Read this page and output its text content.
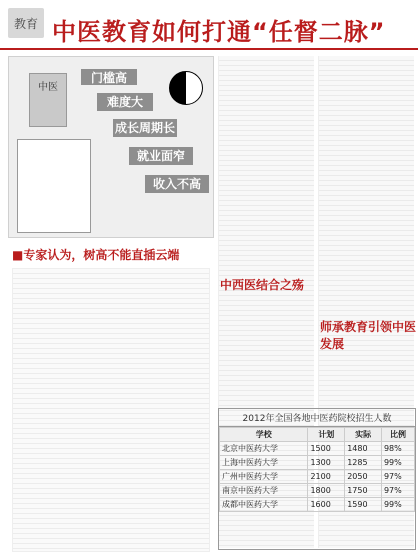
教育 中医教育如何打通“任督二脉”
中医
门槛高
难度大
成长周期长
就业面窄
收入不高
■专家认为，树高不能直插云端
中西医结合之殇
师承教育引领中医发展
2012年全国各地中医药院校招生人数
学校	计划	实际	比例
北京中医药大学	1500	1480	98%
上海中医药大学	1300	1285	99%
广州中医药大学	2100	2050	97%
南京中医药大学	1800	1750	97%
成都中医药大学	1600	1590	99%
